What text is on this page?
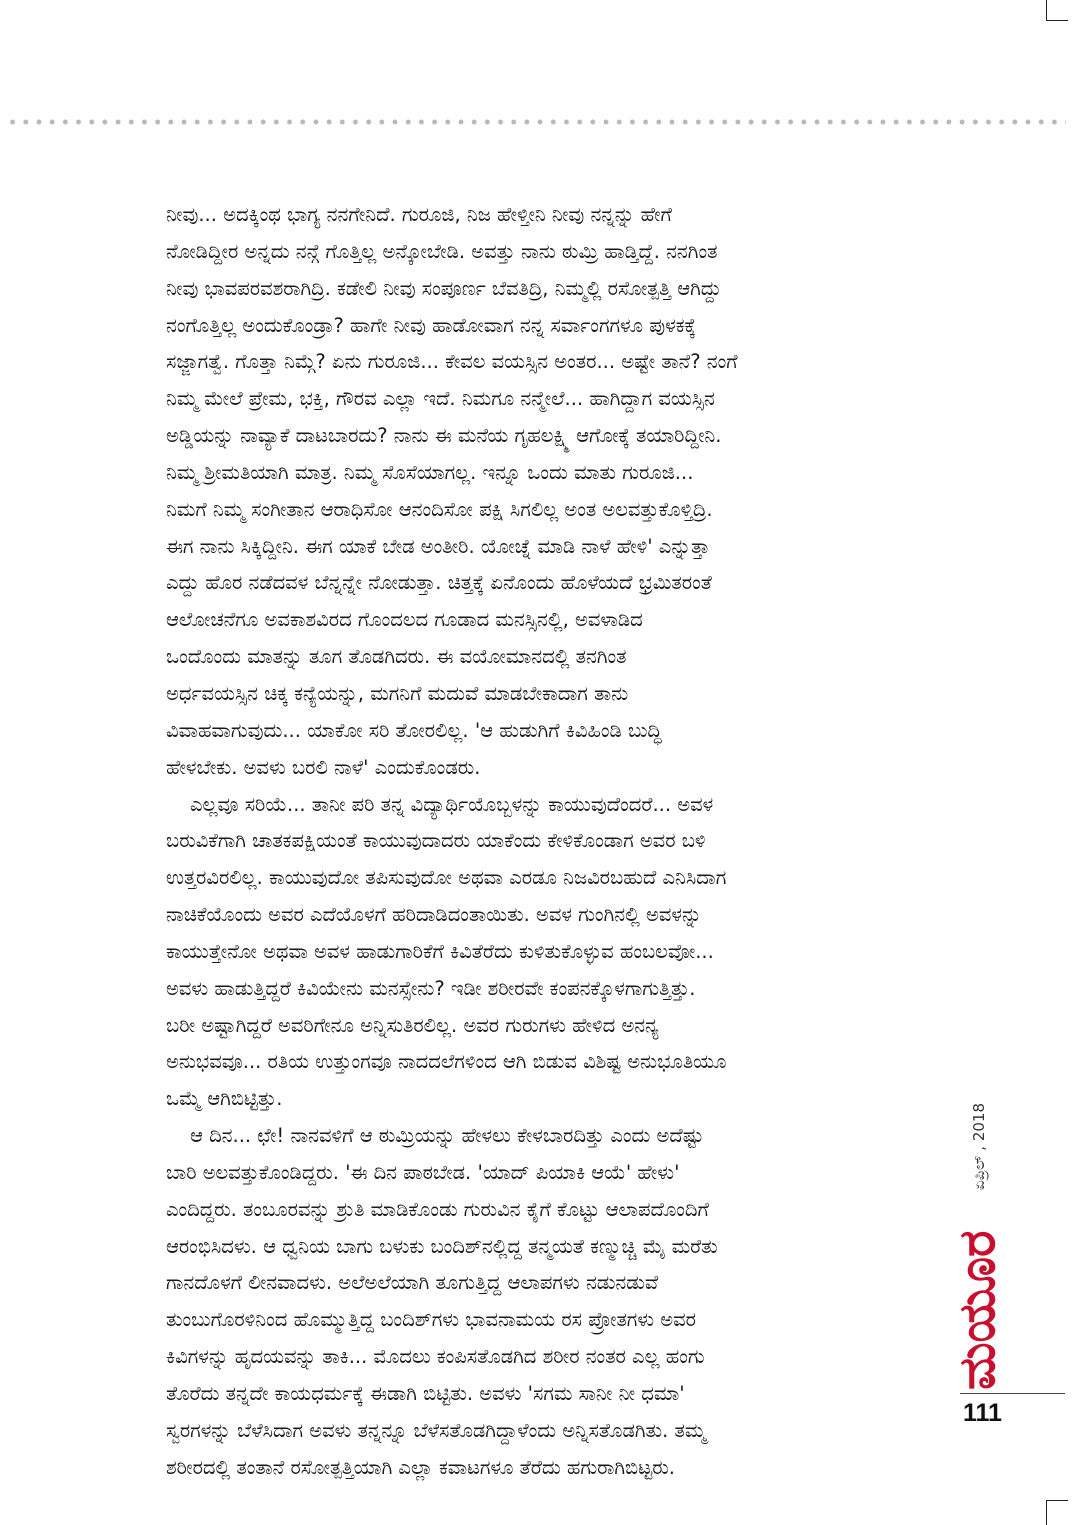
ನೀವು... ಅದಕ್ಕಿಂಥ ಭಾಗ್ಯ ನನಗೇನಿದೆ. ಗುರೂಜಿ, ನಿಜ ಹೇಳ್ತೀನಿ ನೀವು ನನ್ನನ್ನು ಹೇಗೆ
ನೋಡಿದ್ದೀರ ಅನ್ನದು ನನ್ಗೆ ಗೊತ್ತಿಲ್ಲ ಅನ್ಕೋಬೇಡಿ. ಅವತ್ತು ನಾನು ಠುಮ್ರಿ ಹಾಡ್ತಿದ್ದೆ. ನನಗಿಂತ
ನೀವು ಭಾವಪರವಶರಾಗಿದ್ರಿ. ಕಡೇಲಿ ನೀವು ಸಂಪೂರ್ಣ ಬೆವತಿದ್ರಿ, ನಿಮ್ಮಲ್ಲಿ ರಸೋತ್ಪತ್ತಿ ಆಗಿದ್ದು
ನಂಗೊತ್ತಿಲ್ಲ ಅಂದುಕೊಂಡ್ರಾ? ಹಾಗೇ ನೀವು ಹಾಡೋವಾಗ ನನ್ನ ಸರ್ವಾಂಗಗಳೂ ಪುಳಕಕ್ಕೆ
ಸಜ್ಜಾಗತ್ವೆ. ಗೊತ್ತಾ ನಿಮ್ಗೆ? ಏನು ಗುರೂಜಿ... ಕೇವಲ ವಯಸ್ಸಿನ ಅಂತರ... ಅಷ್ಟೇ ತಾನೆ? ನಂಗೆ
ನಿಮ್ಮ ಮೇಲೆ ಪ್ರೇಮ, ಭಕ್ತಿ, ಗೌರವ ಎಲ್ಲಾ ಇದೆ. ನಿಮಗೂ ನನ್ಮೇಲೆ... ಹಾಗಿದ್ದಾಗ ವಯಸ್ಸಿನ
ಅಡ್ಡಿಯನ್ನು ನಾವ್ಯಾಕೆ ದಾಟಬಾರದು? ನಾನು ಈ ಮನೆಯ ಗೃಹಲಕ್ಷ್ಮಿ ಆಗೋಕ್ಕೆ ತಯಾರಿದ್ದೀನಿ.
ನಿಮ್ಮ ಶ್ರೀಮತಿಯಾಗಿ ಮಾತ್ರ. ನಿಮ್ಮ ಸೊಸೆಯಾಗಲ್ಲ. ಇನ್ನೂ ಒಂದು ಮಾತು ಗುರೂಜಿ...
ನಿಮಗೆ ನಿಮ್ಮ ಸಂಗೀತಾನ ಆರಾಧಿಸೋ ಆನಂದಿಸೋ ಪಕ್ಷಿ ಸಿಗಲಿಲ್ಲ ಅಂತ ಅಲವತ್ತುಕೊಳ್ತಿದ್ರಿ.
ಈಗ ನಾನು ಸಿಕ್ಕಿದ್ದೀನಿ. ಈಗ ಯಾಕೆ ಬೇಡ ಅಂತೀರಿ. ಯೋಚ್ನೆ ಮಾಡಿ ನಾಳೆ ಹೇಳಿ' ಎನ್ನುತ್ತಾ
ಎದ್ದು ಹೊರ ನಡೆದವಳ ಬೆನ್ನನ್ನೇ ನೋಡುತ್ತಾ. ಚಿತ್ತಕ್ಕೆ ಏನೊಂದು ಹೊಳೆಯದೆ ಭ್ರಮಿತರಂತೆ
ಆಲೋಚನೆಗೂ ಅವಕಾಶವಿರದ ಗೊಂದಲದ ಗೂಡಾದ ಮನಸ್ಸಿನಲ್ಲಿ, ಅವಳಾಡಿದ
ಒಂದೊಂದು ಮಾತನ್ನು ತೂಗ ತೊಡಗಿದರು. ಈ ವಯೋಮಾನದಲ್ಲಿ ತನಗಿಂತ
ಅರ್ಧವಯಸ್ಸಿನ ಚಿಕ್ಕ ಕನ್ಯೆಯನ್ನು, ಮಗನಿಗೆ ಮದುವೆ ಮಾಡಬೇಕಾದಾಗ ತಾನು
ವಿವಾಹವಾಗುವುದು... ಯಾಕೋ ಸರಿ ತೋರಲಿಲ್ಲ. 'ಆ ಹುಡುಗಿಗೆ ಕಿವಿಹಿಂಡಿ ಬುದ್ಧಿ
ಹೇಳಬೇಕು. ಅವಳು ಬರಲಿ ನಾಳೆ' ಎಂದುಕೊಂಡರು.
ಎಲ್ಲವೂ ಸರಿಯೆ... ತಾನೀ ಪರಿ ತನ್ನ ವಿದ್ಯಾರ್ಥಿಯೊಬ್ಬಳನ್ನು ಕಾಯುವುದೆಂದರೆ... ಅವಳ
ಬರುವಿಕೆಗಾಗಿ ಚಾತಕಪಕ್ಷಿಯಂತೆ ಕಾಯುವುದಾದರು ಯಾಕೆಂದು ಕೇಳಿಕೊಂಡಾಗ ಅವರ ಬಳಿ
ಉತ್ತರವಿರಲಿಲ್ಲ. ಕಾಯುವುದೋ ತಪಿಸುವುದೋ ಅಥವಾ ಎರಡೂ ನಿಜವಿರಬಹುದೆ ಎನಿಸಿದಾಗ
ನಾಚಿಕೆಯೊಂದು ಅವರ ಎದೆಯೊಳಗೆ ಹರಿದಾಡಿದಂತಾಯಿತು. ಅವಳ ಗುಂಗಿನಲ್ಲಿ ಅವಳನ್ನು
ಕಾಯುತ್ತೇನೋ ಅಥವಾ ಅವಳ ಹಾಡುಗಾರಿಕೆಗೆ ಕಿವಿತೆರೆದು ಕುಳಿತುಕೊಳ್ಳುವ ಹಂಬಲವೋ...
ಅವಳು ಹಾಡುತ್ತಿದ್ದರೆ ಕಿವಿಯೇನು ಮನಸ್ಸೇನು? ಇಡೀ ಶರೀರವೇ ಕಂಪನಕ್ಕೊಳಗಾಗುತ್ತಿತ್ತು.
ಬರೀ ಅಷ್ಟಾಗಿದ್ದರೆ ಅವರಿಗೇನೂ ಅನ್ನಿಸುತಿರಲಿಲ್ಲ. ಅವರ ಗುರುಗಳು ಹೇಳಿದ ಅನನ್ಯ
ಅನುಭವವೂ... ರತಿಯ ಉತ್ತುಂಗವೂ ನಾದದಲೆಗಳಿಂದ ಆಗಿ ಬಿಡುವ ವಿಶಿಷ್ಟ ಅನುಭೂತಿಯೂ
ಒಮ್ಮೆ ಆಗಿಬಿಟ್ಟಿತ್ತು.
ಆ ದಿನ... ಛೇ! ನಾನವಳಿಗೆ ಆ ಠುಮ್ರಿಯನ್ನು ಹೇಳಲು ಕೇಳಬಾರದಿತ್ತು ಎಂದು ಅದೆಷ್ಟು
ಬಾರಿ ಅಲವತ್ತುಕೊಂಡಿದ್ದರು. 'ಈ ದಿನ ಪಾಠಬೇಡ. 'ಯಾದ್ ಪಿಯಾಕಿ ಆಯೆ' ಹೇಳು'
ಎಂದಿದ್ದರು. ತಂಬೂರವನ್ನು ಶ್ರುತಿ ಮಾಡಿಕೊಂಡು ಗುರುವಿನ ಕೈಗೆ ಕೊಟ್ಟು ಆಲಾಪದೊಂದಿಗೆ
ಆರಂಭಿಸಿದಳು. ಆ ಧ್ವನಿಯ ಬಾಗು ಬಳುಕು ಬಂದಿಶ್‌ನಲ್ಲಿದ್ದ ತನ್ಮಯತೆ ಕಣ್ಮುಚ್ಚಿ ಮೈ ಮರೆತು
ಗಾನದೊಳಗೆ ಲೀನವಾದಳು. ಅಲೆಅಲೆಯಾಗಿ ತೂಗುತ್ತಿದ್ದ ಆಲಾಪಗಳು ನಡುನಡುವೆ
ತುಂಬುಗೊರಳಿನಿಂದ ಹೊಮ್ಮುತ್ತಿದ್ದ ಬಂದಿಶ್‌ಗಳು ಭಾವನಾಮಯ ರಸ ಪ್ರೋತಗಳು ಅವರ
ಕಿವಿಗಳನ್ನು ಹೃದಯವನ್ನು ತಾಕಿ... ಮೊದಲು ಕಂಪಿಸತೊಡಗಿದ ಶರೀರ ನಂತರ ಎಲ್ಲ ಹಂಗು
ತೊರೆದು ತನ್ನದೇ ಕಾಯಧರ್ಮಕ್ಕೆ ಈಡಾಗಿ ಬಿಟ್ಟಿತು. ಅವಳು 'ಸಗಮ ಸಾನೀ ನೀ ಧಮಾ'
ಸ್ವರಗಳನ್ನು ಬೆಳೆಸಿದಾಗ ಅವಳು ತನ್ನನ್ನೂ ಬೆಳೆಸತೊಡಗಿದ್ದಾಳೆಂದು ಅನ್ನಿಸತೊಡಗಿತು. ತಮ್ಮ
ಶರೀರದಲ್ಲಿ ತಂತಾನೆ ರಸೋತ್ಪತ್ತಿಯಾಗಿ ಎಲ್ಲಾ ಕವಾಟಗಳೂ ತೆರೆದು ಹಗುರಾಗಿಬಿಟ್ಟರು.
ಮಯೂರ
ಏಪ್ರಿಲ್ , 2018
111
